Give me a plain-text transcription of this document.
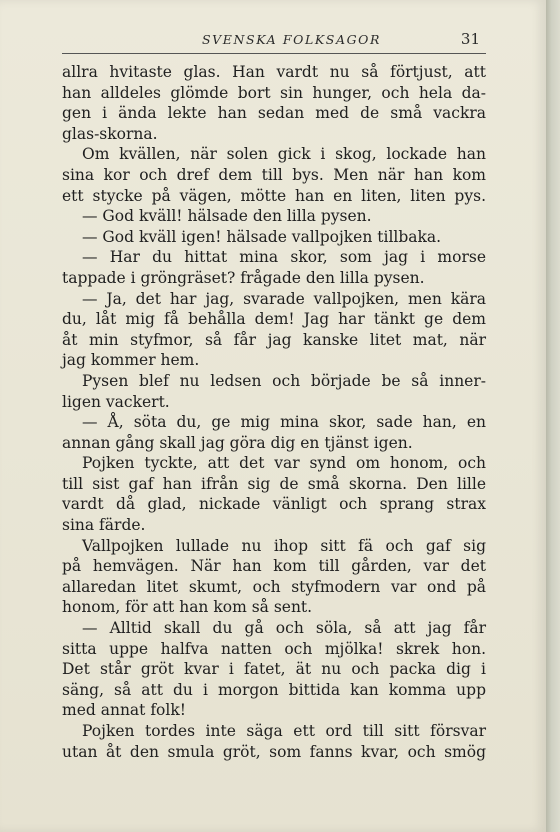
SVENSKA FOLKSAGOR	31
allra hvitaste glas. Han vardt nu så förtjust, att
han alldeles glömde bort sin hunger, och hela da-
gen i ända lekte han sedan med de små vackra
glas-skorna.
Om kvällen, när solen gick i skog, lockade han
sina kor och dref dem till bys. Men när han kom
ett stycke på vägen, mötte han en liten, liten pys.
— God kväll! hälsade den lilla pysen.
— God kväll igen! hälsade vallpojken tillbaka.
— Har du hittat mina skor, som jag i morse
tappade i gröngräset? frågade den lilla pysen.
— Ja, det har jag, svarade vallpojken, men kära
du, låt mig få behålla dem! Jag har tänkt ge dem
åt min styfmor, så får jag kanske litet mat, när
jag kommer hem.
Pysen blef nu ledsen och började be så inner-
ligen vackert.
— Å, söta du, ge mig mina skor, sade han, en
annan gång skall jag göra dig en tjänst igen.
Pojken tyckte, att det var synd om honom, och
till sist gaf han ifrån sig de små skorna. Den lille
vardt då glad, nickade vänligt och sprang strax
sina färde.
Vallpojken lullade nu ihop sitt fä och gaf sig
på hemvägen. När han kom till gården, var det
allaredan litet skumt, och styfmodern var ond på
honom, för att han kom så sent.
— Alltid skall du gå och söla, så att jag får
sitta uppe halfva natten och mjölka! skrek hon.
Det står gröt kvar i fatet, ät nu och packa dig i
säng, så att du i morgon bittida kan komma upp
med annat folk!
Pojken tordes inte säga ett ord till sitt försvar
utan åt den smula gröt, som fanns kvar, och smög
